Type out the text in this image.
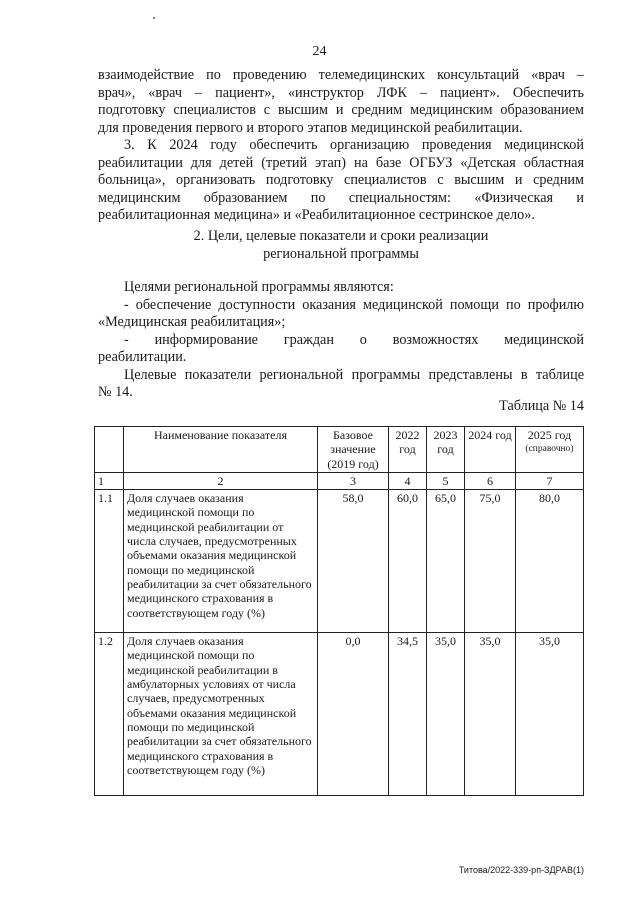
24
взаимодействие по проведению телемедицинских консультаций «врач –
врач», «врач – пациент», «инструктор ЛФК – пациент». Обеспечить
подготовку специалистов с высшим и средним медицинским образованием
для проведения первого и второго этапов медицинской реабилитации.
3. К 2024 году обеспечить организацию проведения медицинской
реабилитации для детей (третий этап) на базе ОГБУЗ «Детская областная
больница», организовать подготовку специалистов с высшим и средним
медицинским образованием по специальностям: «Физическая и
реабилитационная медицина» и «Реабилитационное сестринское дело».
2. Цели, целевые показатели и сроки реализации
региональной программы
Целями региональной программы являются:
- обеспечение доступности оказания медицинской помощи по профилю
«Медицинская реабилитация»;
- информирование граждан о возможностях медицинской
реабилитации.
Целевые показатели региональной программы представлены в таблице
№ 14.
Таблица № 14
	Наименование показателя	Базовое значение (2019 год)	2022 год	2023 год	2024 год	2025 год
(справочно)

1	2	3	4	5	6	7
1.1	Доля случаев оказания медицинской помощи по медицинской реабилитации от числа случаев, предусмотренных объемами оказания медицинской помощи по медицинской реабилитации за счет обязательного медицинского страхования в соответствующем году (%)	58,0	60,0	65,0	75,0	80,0
1.2	Доля случаев оказания медицинской помощи по медицинской реабилитации в амбулаторных условиях от числа случаев, предусмотренных объемами оказания медицинской помощи по медицинской реабилитации за счет обязательного медицинского страхования в соответствующем году (%)	0,0	34,5	35,0	35,0	35,0
Титова/2022-339-рп-ЗДРАВ(1)
